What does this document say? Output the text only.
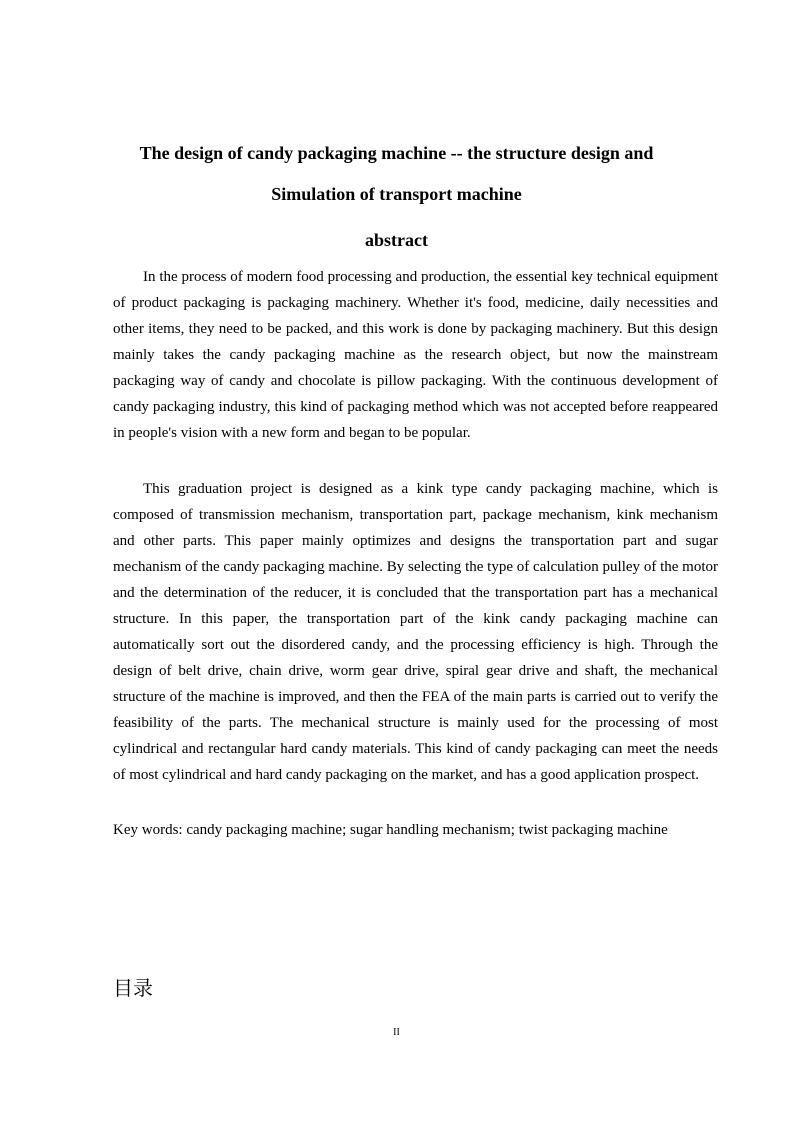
The design of candy packaging machine -- the structure design and
Simulation of transport machine
abstract

In the process of modern food processing and production, the essential key technical equipment of product packaging is packaging machinery. Whether it's food, medicine, daily necessities and other items, they need to be packed, and this work is done by packaging machinery. But this design mainly takes the candy packaging machine as the research object, but now the mainstream packaging way of candy and chocolate is pillow packaging. With the continuous development of candy packaging industry, this kind of packaging method which was not accepted before reappeared in people's vision with a new form and began to be popular.

This graduation project is designed as a kink type candy packaging machine, which is composed of transmission mechanism, transportation part, package mechanism, kink mechanism and other parts. This paper mainly optimizes and designs the transportation part and sugar mechanism of the candy packaging machine. By selecting the type of calculation pulley of the motor and the determination of the reducer, it is concluded that the transportation part has a mechanical structure. In this paper, the transportation part of the kink candy packaging machine can automatically sort out the disordered candy, and the processing efficiency is high. Through the design of belt drive, chain drive, worm gear drive, spiral gear drive and shaft, the mechanical structure of the machine is improved, and then the FEA of the main parts is carried out to verify the feasibility of the parts. The mechanical structure is mainly used for the processing of most cylindrical and rectangular hard candy materials. This kind of candy packaging can meet the needs of most cylindrical and hard candy packaging on the market, and has a good application prospect.

Key words: candy packaging machine; sugar handling mechanism; twist packaging machine

目录
II
